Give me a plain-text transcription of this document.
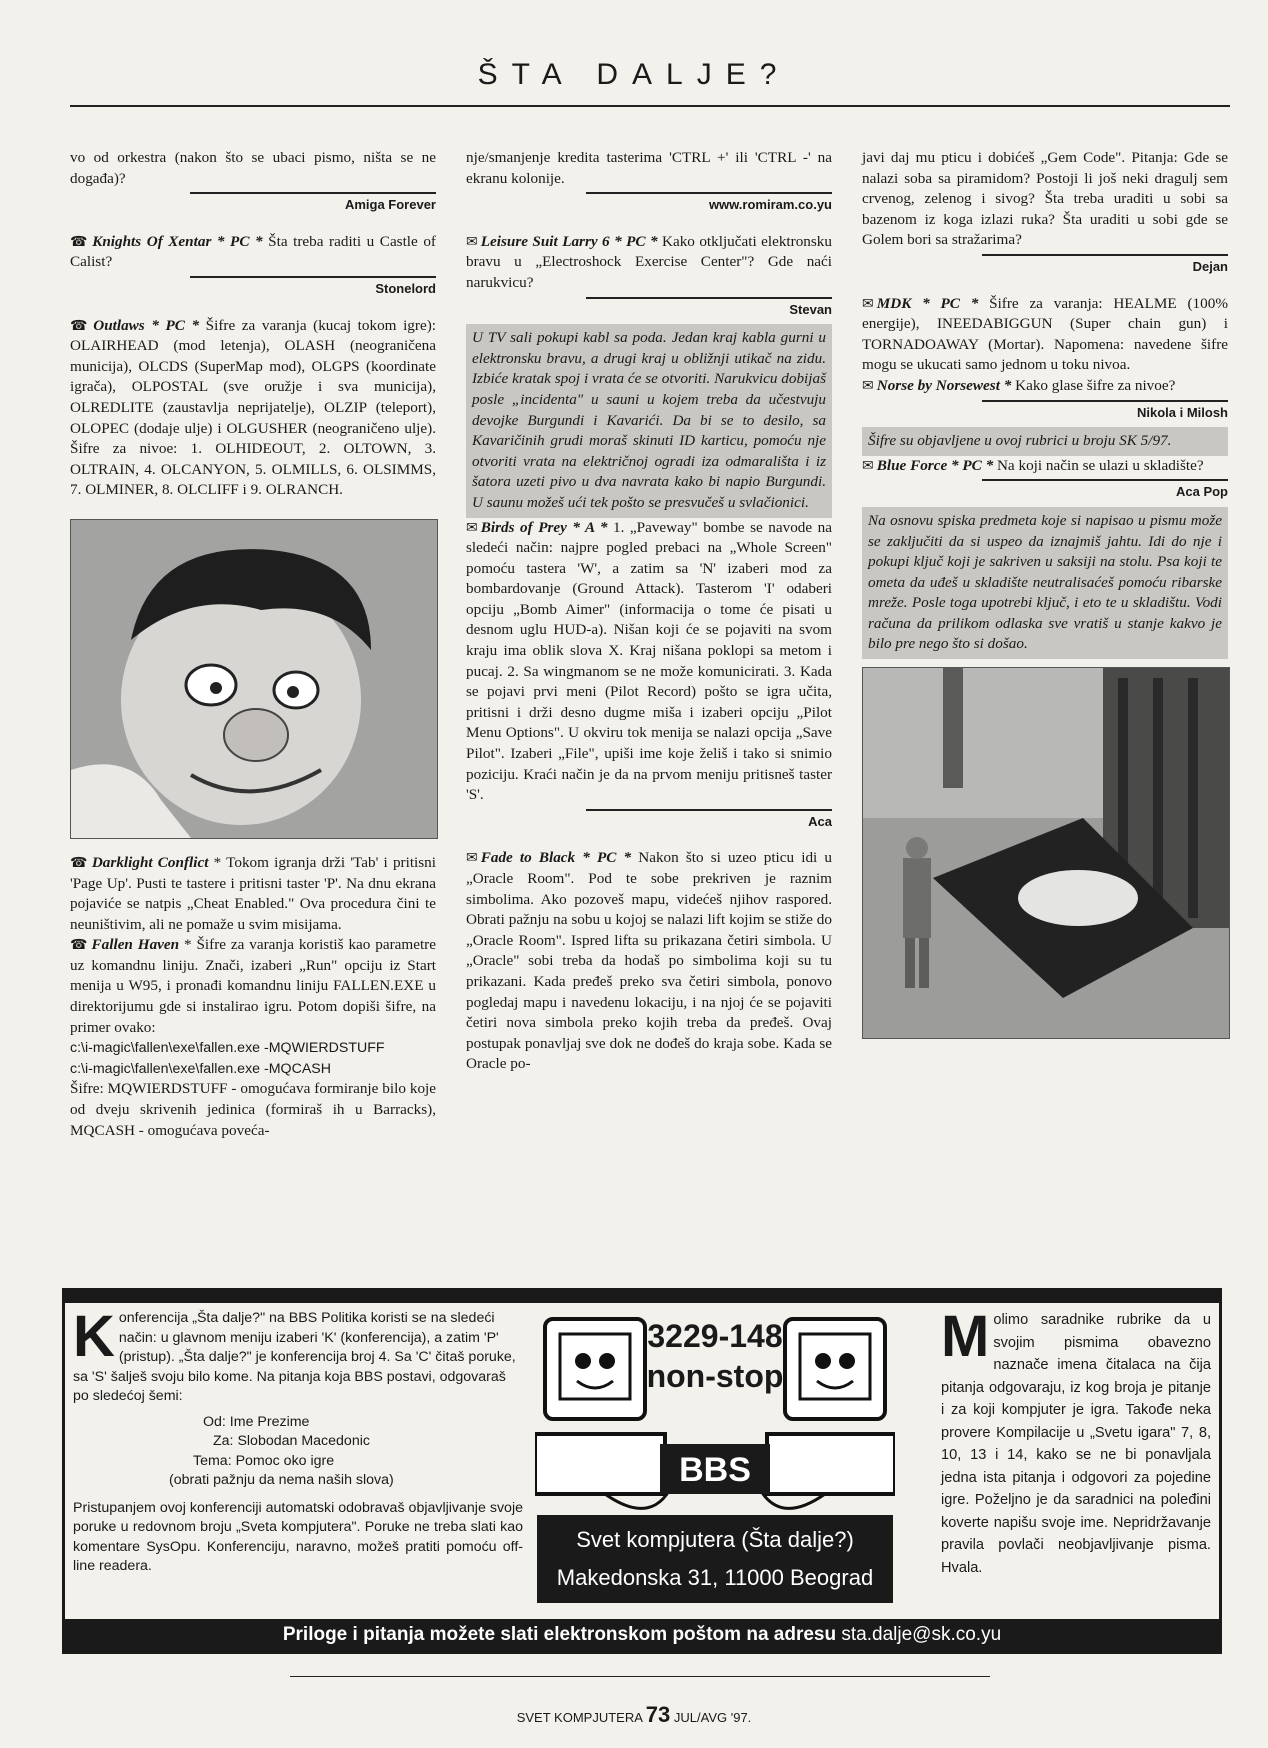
ŠTA DALJE?

vo od orkestra (nakon što se ubaci pismo, ništa se ne događa)?

Amiga Forever

☎ Knights Of Xentar * PC * Šta treba raditi u Castle of Calist?

Stonelord

☎ Outlaws * PC * Šifre za varanja (kucaj tokom igre): OLAIRHEAD (mod letenja), OLASH (neograničena municija), OLCDS (SuperMap mod), OLGPS (koordinate igrača), OLPOSTAL (sve oružje i sva municija), OLREDLITE (zaustavlja neprijatelje), OLZIP (teleport), OLOPEC (dodaje ulje) i OLGUSHER (neograničeno ulje). Šifre za nivoe: 1. OLHIDEOUT, 2. OLTOWN, 3. OLTRAIN, 4. OLCANYON, 5. OLMILLS, 6. OLSIMMS, 7. OLMINER, 8. OLCLIFF i 9. OLRANCH.

☎ Darklight Conflict * Tokom igranja drži 'Tab' i pritisni 'Page Up'. Pusti te tastere i pritisni taster 'P'. Na dnu ekrana pojaviće se natpis „Cheat Enabled." Ova procedura čini te neuništivim, ali ne pomaže u svim misijama.

☎ Fallen Haven * Šifre za varanja koristiš kao parametre uz komandnu liniju. Znači, izaberi „Run" opciju iz Start menija u W95, i pronađi komandnu liniju FALLEN.EXE u direktorijumu gde si instalirao igru. Potom dopiši šifre, na primer ovako:

c:\i-magic\fallen\exe\fallen.exe -MQWIERDSTUFF

c:\i-magic\fallen\exe\fallen.exe -MQCASH

Šifre: MQWIERDSTUFF - omogućava formiranje bilo koje od dveju skrivenih jedinica (formiraš ih u Barracks), MQCASH - omogućava poveća-

nje/smanjenje kredita tasterima 'CTRL +' ili 'CTRL -' na ekranu kolonije.

www.romiram.co.yu

✉ Leisure Suit Larry 6 * PC * Kako otključati elektronsku bravu u „Electroshock Exercise Center"? Gde naći narukvicu?

Stevan

U TV sali pokupi kabl sa poda. Jedan kraj kabla gurni u elektronsku bravu, a drugi kraj u obližnji utikač na zidu. Izbiće kratak spoj i vrata će se otvoriti. Narukvicu dobijaš posle „incidenta" u sauni u kojem treba da učestvuju devojke Burgundi i Kavarići. Da bi se to desilo, sa Kavaričinih grudi moraš skinuti ID karticu, pomoću nje otvoriti vrata na električnoj ogradi iza odmarališta i iz šatora uzeti pivo u dva navrata kako bi napio Burgundi. U saunu možeš ući tek pošto se presvučeš u svlačionici.

✉ Birds of Prey * A * 1. „Paveway" bombe se navode na sledeći način: najpre pogled prebaci na „Whole Screen" pomoću tastera 'W', a zatim sa 'N' izaberi mod za bombardovanje (Ground Attack). Tasterom 'I' odaberi opciju „Bomb Aimer" (informacija o tome će pisati u desnom uglu HUD-a). Nišan koji će se pojaviti na svom kraju ima oblik slova X. Kraj nišana poklopi sa metom i pucaj. 2. Sa wingmanom se ne može komunicirati. 3. Kada se pojavi prvi meni (Pilot Record) pošto se igra učita, pritisni i drži desno dugme miša i izaberi opciju „Pilot Menu Options". U okviru tok menija se nalazi opcija „Save Pilot". Izaberi „File", upiši ime koje želiš i tako si snimio poziciju. Kraći način je da na prvom meniju pritisneš taster 'S'.

Aca

✉ Fade to Black * PC * Nakon što si uzeo pticu idi u „Oracle Room". Pod te sobe prekriven je raznim simbolima. Ako pozoveš mapu, videćeš njihov raspored. Obrati pažnju na sobu u kojoj se nalazi lift kojim se stiže do „Oracle Room". Ispred lifta su prikazana četiri simbola. U „Oracle" sobi treba da hodaš po simbolima koji su tu prikazani. Kada pređeš preko sva četiri simbola, ponovo pogledaj mapu i navedenu lokaciju, i na njoj će se pojaviti četiri nova simbola preko kojih treba da pređeš. Ovaj postupak ponavljaj sve dok ne dođeš do kraja sobe. Kada se Oracle po-

javi daj mu pticu i dobićeš „Gem Code". Pitanja: Gde se nalazi soba sa piramidom? Postoji li još neki dragulj sem crvenog, zelenog i sivog? Šta treba uraditi u sobi sa bazenom iz koga izlazi ruka? Šta uraditi u sobi gde se Golem bori sa stražarima?

Dejan

✉ MDK * PC * Šifre za varanja: HEALME (100% energije), INEEDABIGGUN (Super chain gun) i TORNADOAWAY (Mortar). Napomena: navedene šifre mogu se ukucati samo jednom u toku nivoa.

✉ Norse by Norsewest * Kako glase šifre za nivoe?

Nikola i Milosh

Šifre su objavljene u ovoj rubrici u broju SK 5/97.

✉ Blue Force * PC * Na koji način se ulazi u skladište?

Aca Pop

Na osnovu spiska predmeta koje si napisao u pismu može se zaključiti da si uspeo da iznajmiš jahtu. Idi do nje i pokupi ključ koji je sakriven u saksiji na stolu. Psa koji te ometa da uđeš u skladište neutralisaćeš pomoću ribarske mreže. Posle toga upotrebi ključ, i eto te u skladištu. Vodi računa da prilikom odlaska sve vratiš u stanje kakvo je bilo pre nego što si došao.

K onferencija „Šta dalje?" na BBS Politika koristi se na sledeći način: u glavnom meniju izaberi 'K' (konferencija), a zatim 'P' (pristup). „Šta dalje?" je konferencija broj 4. Sa 'C' čitaš poruke, sa 'S' šalješ svoju bilo kome. Na pitanja koja BBS postavi, odgovaraš po sledećoj šemi:
Od: Ime Prezime
Za: Slobodan Macedonic
Tema: Pomoc oko igre
(obrati pažnju da nema naših slova)
Pristupanjem ovoj konferenciji automatski odobravaš objavljivanje svoje poruke u redovnom broju „Sveta kompjutera". Poruke ne treba slati kao komentare SysOpu. Konferenciju, naravno, možeš pratiti pomoću off-line readera.
3229-148
non-stop
BBS
Svet kompjutera (Šta dalje?)
Makedonska 31, 11000 Beograd
M olimo saradnike rubrike da u svojim pismima obavezno naznače imena čitalaca na čija pitanja odgovaraju, iz kog broja je pitanje i za koji kompjuter je igra. Takođe neka provere Kompilacije u „Svetu igara" 7, 8, 10, 13 i 14, kako se ne bi ponavljala jedna ista pitanja i odgovori za pojedine igre. Poželjno je da saradnici na poleđini koverte napišu svoje ime. Nepridržavanje pravila povlači neobjavljivanje pisma. Hvala.
Priloge i pitanja možete slati elektronskom poštom na adresu sta.dalje@sk.co.yu
SVET KOMPJUTERA 73 JUL/AVG '97.
